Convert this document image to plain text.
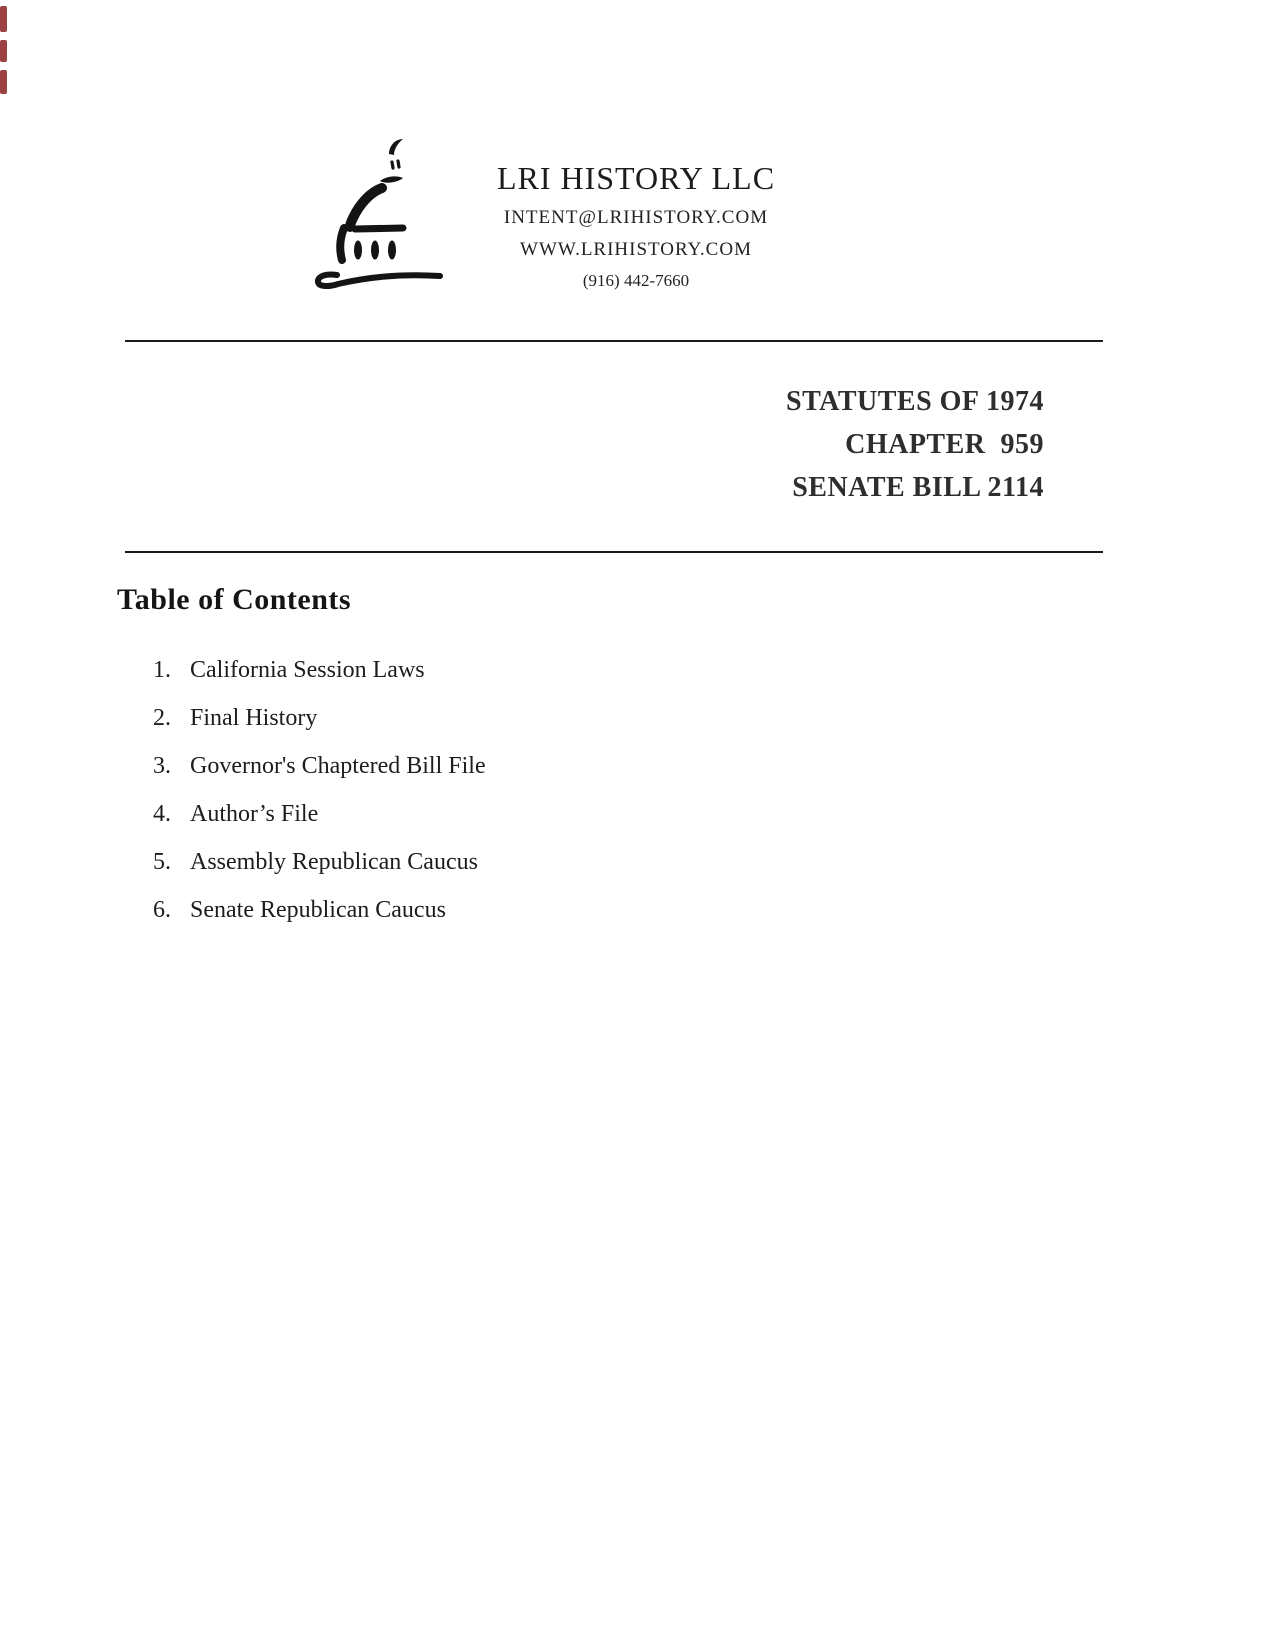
LRI HISTORY LLC
INTENT@LRIHISTORY.COM
WWW.LRIHISTORY.COM
(916) 442-7660
STATUTES OF 1974
CHAPTER  959
SENATE BILL 2114
Table of Contents
1. California Session Laws
2. Final History
3. Governor's Chaptered Bill File
4. Author’s File
5. Assembly Republican Caucus
6. Senate Republican Caucus
